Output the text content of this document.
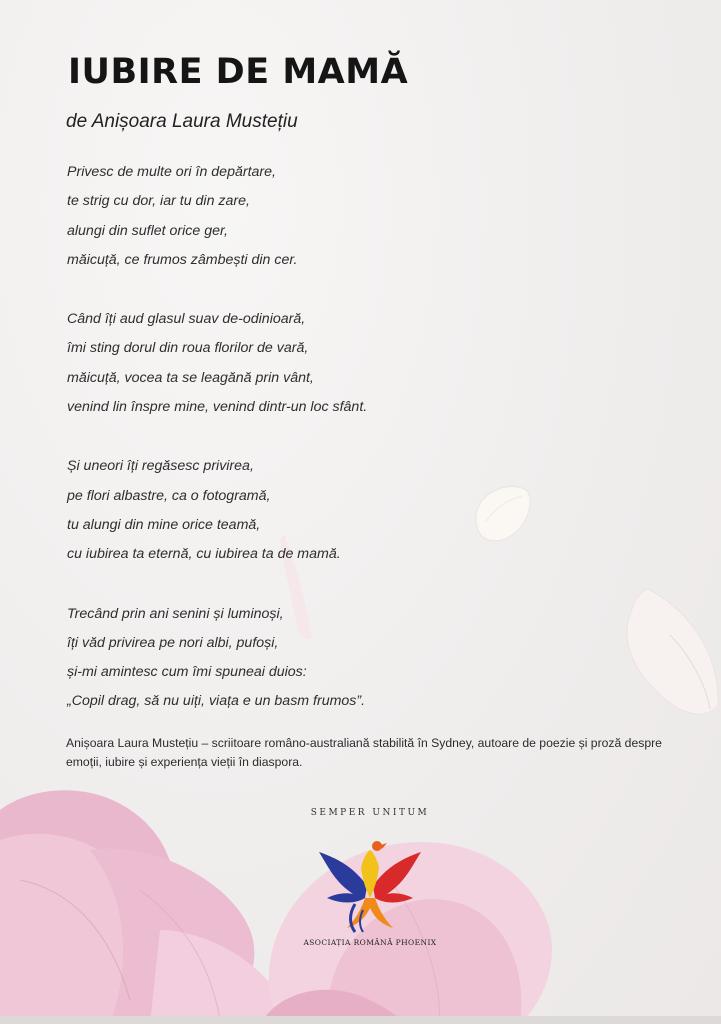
IUBIRE DE MAMĂ
de Anișoara Laura Mustețiu
Privesc de multe ori în depărtare,
te strig cu dor, iar tu din zare,
alungi din suflet orice ger,
măicuță, ce frumos zâmbești din cer.
Când îți aud glasul suav de-odinioară,
îmi sting dorul din roua florilor de vară,
măicuță, vocea ta se leagănă prin vânt,
venind lin înspre mine, venind dintr-un loc sfânt.
Și uneori îți regăsesc privirea,
pe flori albastre, ca o fotogramă,
tu alungi din mine orice teamă,
cu iubirea ta eternă, cu iubirea ta de mamă.
Trecând prin ani senini și luminoși,
îți văd privirea pe nori albi, pufoși,
și-mi amintesc cum îmi spuneai duios:
„Copil drag, să nu uiți, viața e un basm frumos”.
Anișoara Laura Mustețiu – scriitoare româno-australiană stabilită în Sydney, autoare de poezie și proză despre emoții, iubire și experiența vieții în diaspora.
SEMPER UNITUM
ASOCIAȚIA ROMÂNĂ PHOENIX
